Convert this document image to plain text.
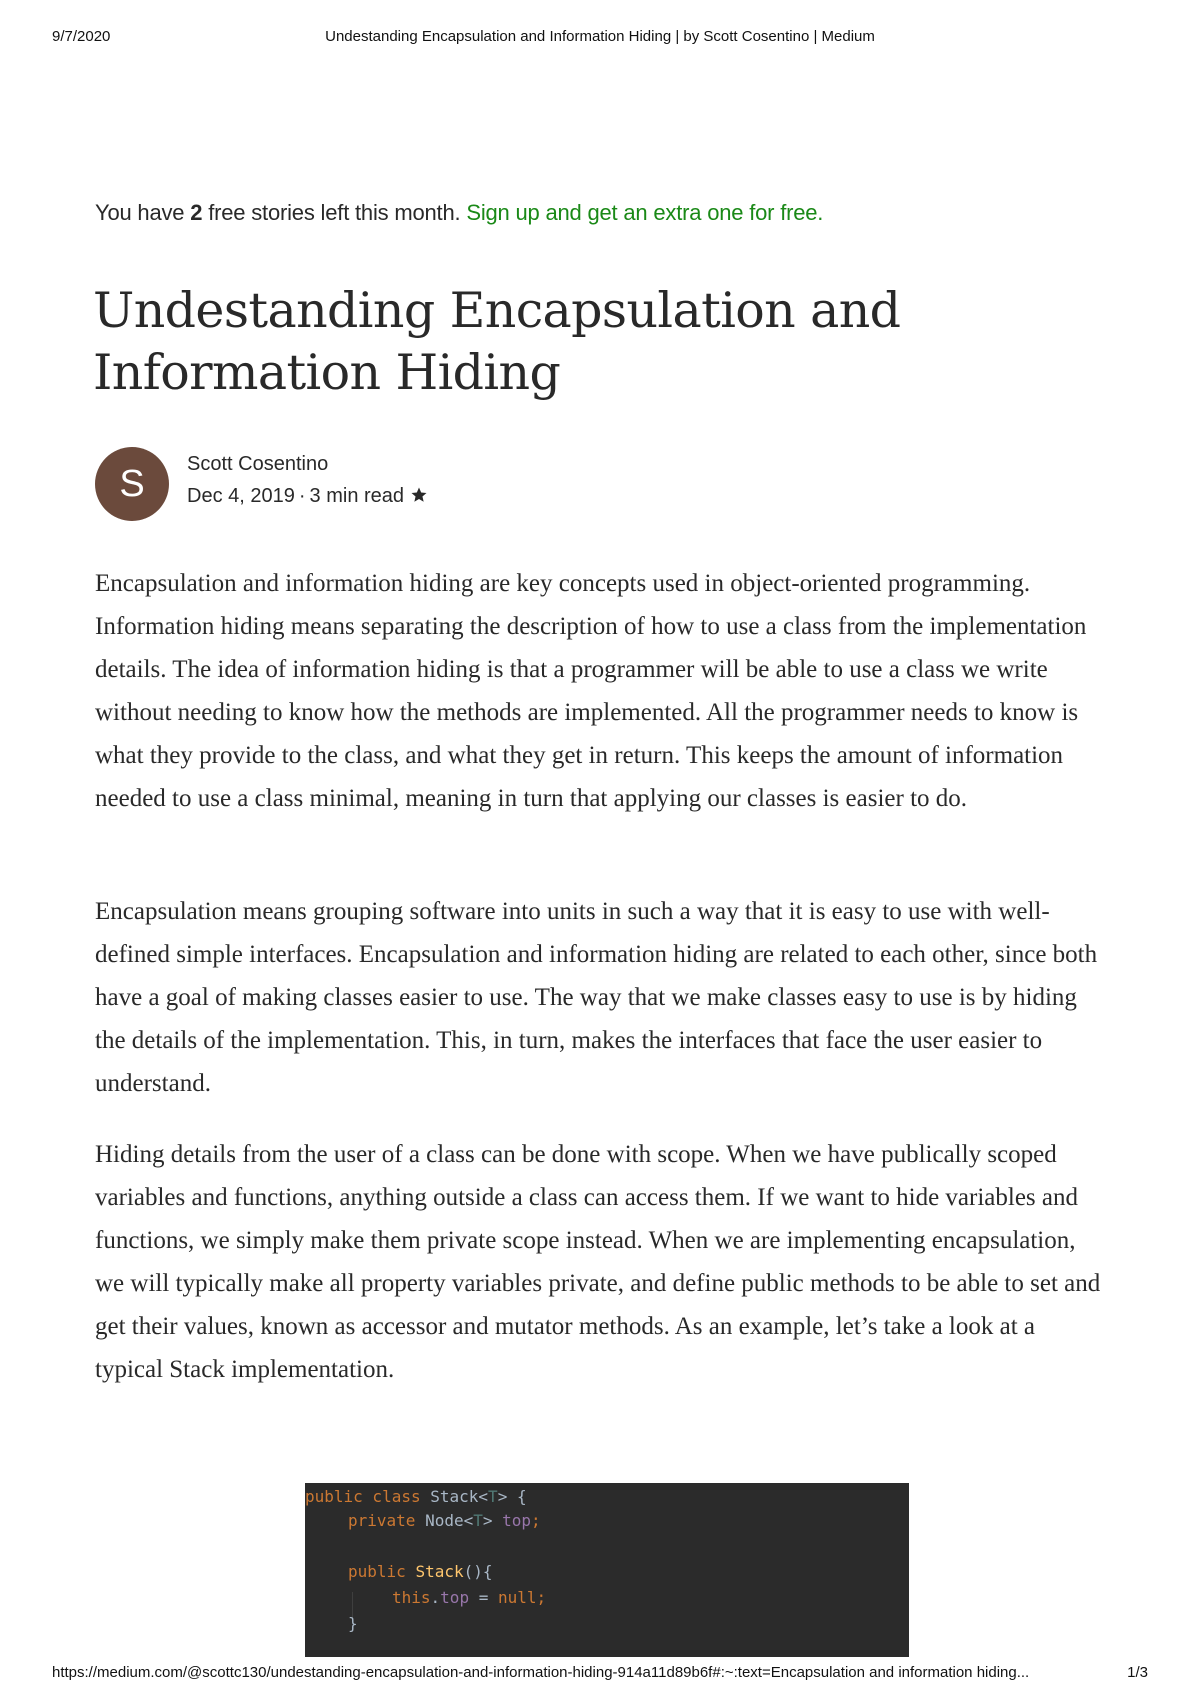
9/7/2020	Undestanding Encapsulation and Information Hiding | by Scott Cosentino | Medium
You have 2 free stories left this month. Sign up and get an extra one for free.
Undestanding Encapsulation and Information Hiding
S	Scott Cosentino
Dec 4, 2019 · 3 min read

Encapsulation and information hiding are key concepts used in object-oriented programming. Information hiding means separating the description of how to use a class from the implementation details. The idea of information hiding is that a programmer will be able to use a class we write without needing to know how the methods are implemented. All the programmer needs to know is what they provide to the class, and what they get in return. This keeps the amount of information needed to use a class minimal, meaning in turn that applying our classes is easier to do.

Encapsulation means grouping software into units in such a way that it is easy to use with well-defined simple interfaces. Encapsulation and information hiding are related to each other, since both have a goal of making classes easier to use. The way that we make classes easy to use is by hiding the details of the implementation. This, in turn, makes the interfaces that face the user easier to understand.

Hiding details from the user of a class can be done with scope. When we have publically scoped variables and functions, anything outside a class can access them. If we want to hide variables and functions, we simply make them private scope instead. When we are implementing encapsulation, we will typically make all property variables private, and define public methods to be able to set and get their values, known as accessor and mutator methods. As an example, let’s take a look at a typical Stack implementation.

public class Stack<T> {
private Node<T> top;
public Stack(){
this.top = null;
}
https://medium.com/@scottc130/undestanding-encapsulation-and-information-hiding-914a11d89b6f#:~:text=Encapsulation and information hiding...	1/3
